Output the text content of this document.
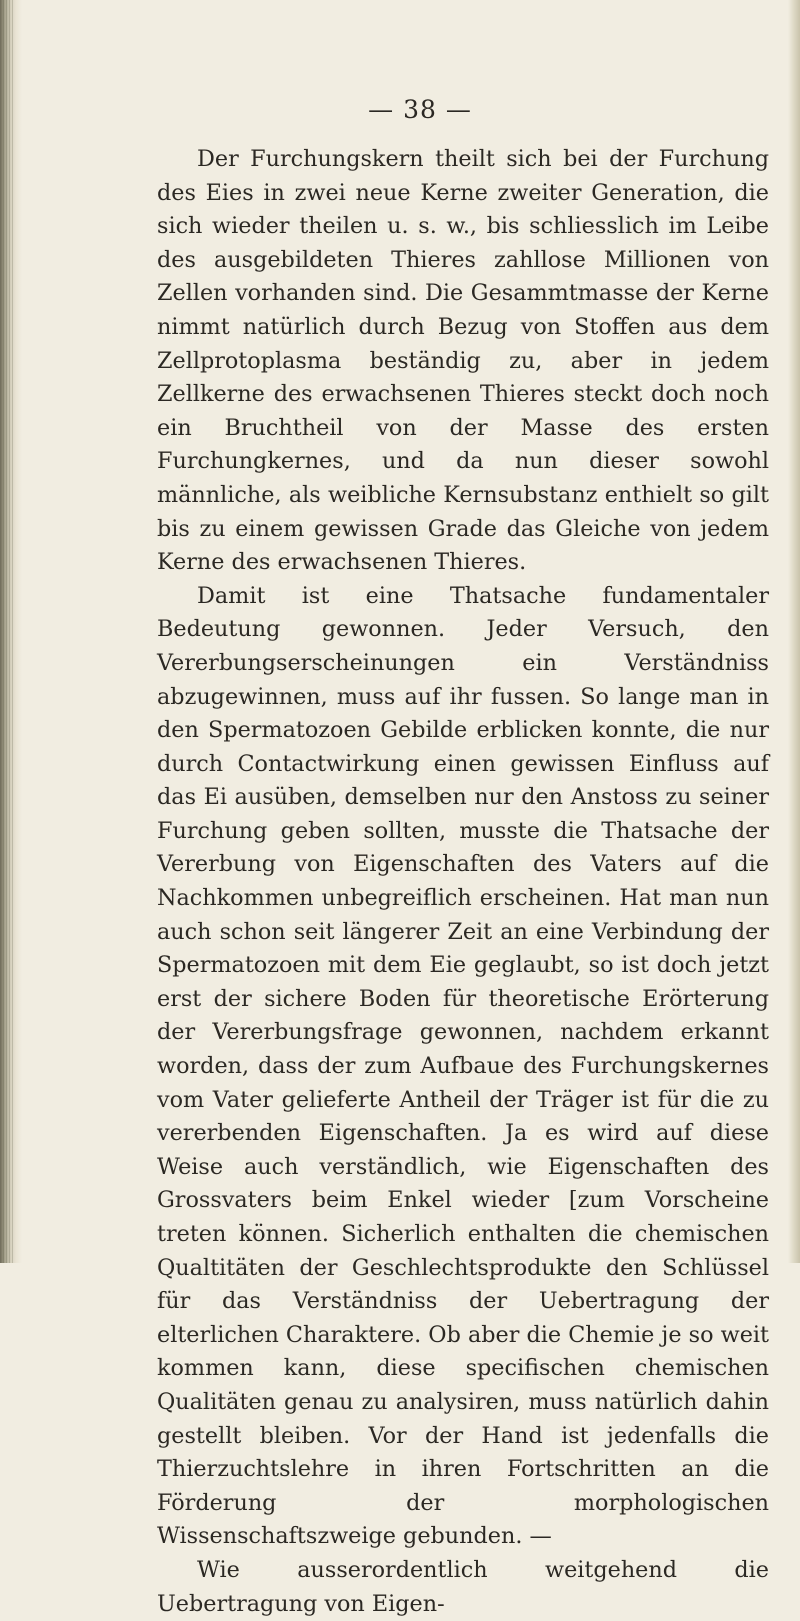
— 38 —

Der Furchungskern theilt sich bei der Furchung des Eies in zwei neue Kerne zweiter Generation, die sich wieder theilen u. s. w., bis schliesslich im Leibe des ausgebildeten Thieres zahllose Millionen von Zellen vorhanden sind. Die Gesammtmasse der Kerne nimmt natürlich durch Bezug von Stoffen aus dem Zellprotoplasma beständig zu, aber in jedem Zellkerne des erwachsenen Thieres steckt doch noch ein Bruchtheil von der Masse des ersten Furchungkernes, und da nun dieser sowohl männliche, als weibliche Kernsubstanz enthielt so gilt bis zu einem gewissen Grade das Gleiche von jedem Kerne des erwachsenen Thieres.

Damit ist eine Thatsache fundamentaler Bedeutung gewonnen. Jeder Versuch, den Vererbungserscheinungen ein Verständniss abzugewinnen, muss auf ihr fussen. So lange man in den Spermatozoen Gebilde erblicken konnte, die nur durch Contactwirkung einen gewissen Einfluss auf das Ei ausüben, demselben nur den Anstoss zu seiner Furchung geben sollten, musste die Thatsache der Vererbung von Eigenschaften des Vaters auf die Nachkommen unbegreiflich erscheinen. Hat man nun auch schon seit längerer Zeit an eine Verbindung der Spermatozoen mit dem Eie geglaubt, so ist doch jetzt erst der sichere Boden für theoretische Erörterung der Vererbungsfrage gewonnen, nachdem erkannt worden, dass der zum Aufbaue des Furchungskernes vom Vater gelieferte Antheil der Träger ist für die zu vererbenden Eigenschaften. Ja es wird auf diese Weise auch verständlich, wie Eigenschaften des Grossvaters beim Enkel wieder [zum Vorscheine treten können. Sicherlich enthalten die chemischen Qualtitäten der Geschlechtsprodukte den Schlüssel für das Verständniss der Uebertragung der elterlichen Charaktere. Ob aber die Chemie je so weit kommen kann, diese specifischen chemischen Qualitäten genau zu analysiren, muss natürlich dahin gestellt bleiben. Vor der Hand ist jedenfalls die Thierzuchtslehre in ihren Fortschritten an die Förderung der morphologischen Wissenschaftszweige gebunden. —

Wie ausserordentlich weitgehend die Uebertragung von Eigen-
